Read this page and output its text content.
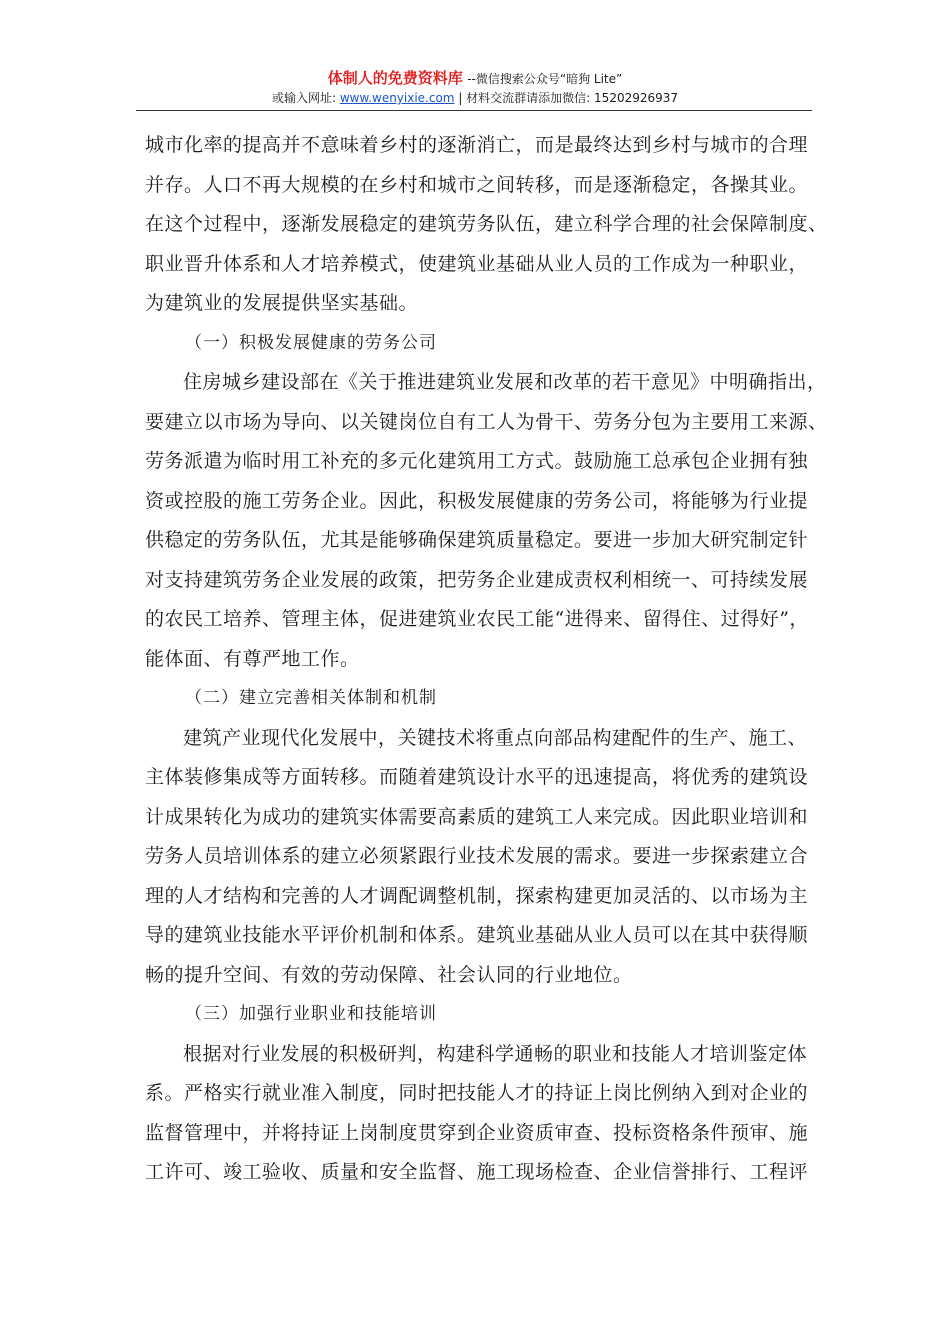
体制人的免费资料库 --微信搜索公众号“暗狗 Lite”
或输入网址: www.wenyixie.com | 材料交流群请添加微信: 15202926937
城市化率的提高并不意味着乡村的逐渐消亡，而是最终达到乡村与城市的合理
并存。人口不再大规模的在乡村和城市之间转移，而是逐渐稳定，各操其业。
在这个过程中，逐渐发展稳定的建筑劳务队伍，建立科学合理的社会保障制度、
职业晋升体系和人才培养模式，使建筑业基础从业人员的工作成为一种职业，
为建筑业的发展提供坚实基础。
（一）积极发展健康的劳务公司
住房城乡建设部在《关于推进建筑业发展和改革的若干意见》中明确指出，
要建立以市场为导向、以关键岗位自有工人为骨干、劳务分包为主要用工来源、
劳务派遣为临时用工补充的多元化建筑用工方式。鼓励施工总承包企业拥有独
资或控股的施工劳务企业。因此，积极发展健康的劳务公司，将能够为行业提
供稳定的劳务队伍，尤其是能够确保建筑质量稳定。要进一步加大研究制定针
对支持建筑劳务企业发展的政策，把劳务企业建成责权利相统一、可持续发展
的农民工培养、管理主体，促进建筑业农民工能“进得来、留得住、过得好”，
能体面、有尊严地工作。
（二）建立完善相关体制和机制
建筑产业现代化发展中，关键技术将重点向部品构建配件的生产、施工、
主体装修集成等方面转移。而随着建筑设计水平的迅速提高，将优秀的建筑设
计成果转化为成功的建筑实体需要高素质的建筑工人来完成。因此职业培训和
劳务人员培训体系的建立必须紧跟行业技术发展的需求。要进一步探索建立合
理的人才结构和完善的人才调配调整机制，探索构建更加灵活的、以市场为主
导的建筑业技能水平评价机制和体系。建筑业基础从业人员可以在其中获得顺
畅的提升空间、有效的劳动保障、社会认同的行业地位。
（三）加强行业职业和技能培训
根据对行业发展的积极研判，构建科学通畅的职业和技能人才培训鉴定体
系。严格实行就业准入制度，同时把技能人才的持证上岗比例纳入到对企业的
监督管理中，并将持证上岗制度贯穿到企业资质审查、投标资格条件预审、施
工许可、竣工验收、质量和安全监督、施工现场检查、企业信誉排行、工程评
